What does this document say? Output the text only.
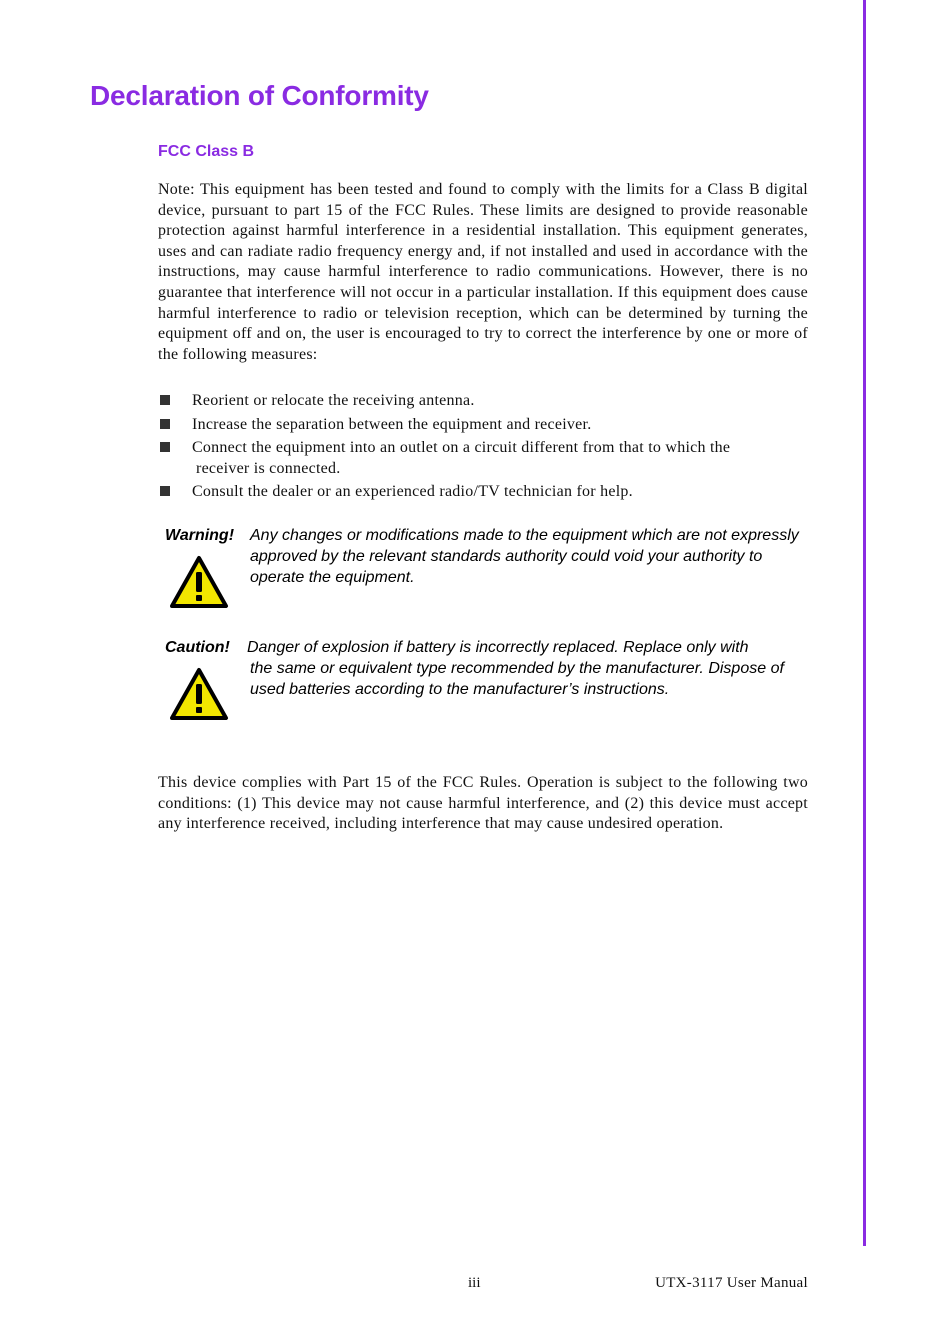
Declaration of Conformity
FCC Class B

Note: This equipment has been tested and found to comply with the limits for a Class B digital device, pursuant to part 15 of the FCC Rules. These limits are designed to provide reasonable protection against harmful interference in a residential installation. This equipment generates, uses and can radiate radio frequency energy and, if not installed and used in accordance with the instructions, may cause harmful interference to radio communications. However, there is no guarantee that interference will not occur in a particular installation. If this equipment does cause harmful interference to radio or television reception, which can be determined by turning the equipment off and on, the user is encouraged to try to correct the interference by one or more of the following measures:

Reorient or relocate the receiving antenna.
Increase the separation between the equipment and receiver.
Connect the equipment into an outlet on a circuit different from that to which the
receiver is connected.
Consult the dealer or an experienced radio/TV technician for help.
Warning! Any changes or modifications made to the equipment which are not expressly approved by the relevant standards authority could void your authority to operate the equipment.
Caution! Danger of explosion if battery is incorrectly replaced. Replace only with
the same or equivalent type recommended by the manufacturer. Dispose of used batteries according to the manufacturer’s instructions.

This device complies with Part 15 of the FCC Rules. Operation is subject to the following two conditions: (1) This device may not cause harmful interference, and (2) this device must accept any interference received, including interference that may cause undesired operation.

iii	UTX-3117 User Manual
